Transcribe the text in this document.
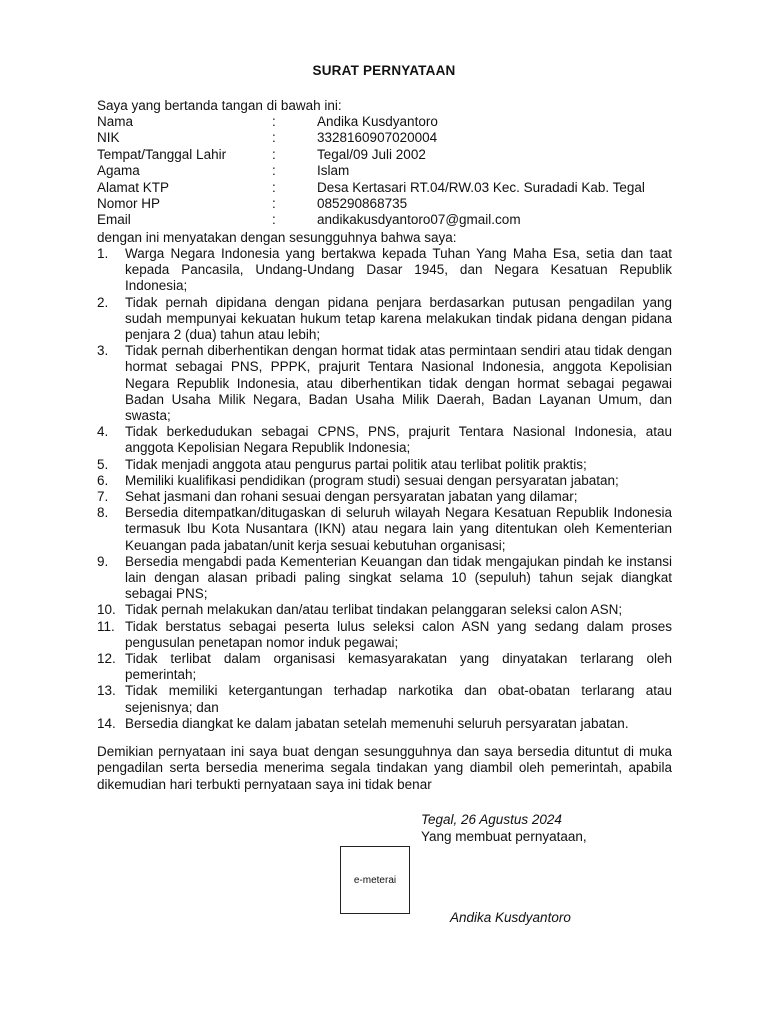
SURAT PERNYATAAN
Saya yang bertanda tangan di bawah ini:
Nama	:	Andika Kusdyantoro
NIK	:	3328160907020004
Tempat/Tanggal Lahir	:	Tegal/09 Juli 2002
Agama	:	Islam
Alamat KTP	:	Desa Kertasari RT.04/RW.03 Kec. Suradadi Kab. Tegal
Nomor HP	:	085290868735
Email	:	andikakusdyantoro07@gmail.com
dengan ini menyatakan dengan sesungguhnya bahwa saya:
1. Warga Negara Indonesia yang bertakwa kepada Tuhan Yang Maha Esa, setia dan taat kepada Pancasila, Undang-Undang Dasar 1945, dan Negara Kesatuan Republik Indonesia;
2. Tidak pernah dipidana dengan pidana penjara berdasarkan putusan pengadilan yang sudah mempunyai kekuatan hukum tetap karena melakukan tindak pidana dengan pidana penjara 2 (dua) tahun atau lebih;
3. Tidak pernah diberhentikan dengan hormat tidak atas permintaan sendiri atau tidak dengan hormat sebagai PNS, PPPK, prajurit Tentara Nasional Indonesia, anggota Kepolisian Negara Republik Indonesia, atau diberhentikan tidak dengan hormat sebagai pegawai Badan Usaha Milik Negara, Badan Usaha Milik Daerah, Badan Layanan Umum, dan swasta;
4. Tidak berkedudukan sebagai CPNS, PNS, prajurit Tentara Nasional Indonesia, atau anggota Kepolisian Negara Republik Indonesia;
5. Tidak menjadi anggota atau pengurus partai politik atau terlibat politik praktis;
6. Memiliki kualifikasi pendidikan (program studi) sesuai dengan persyaratan jabatan;
7. Sehat jasmani dan rohani sesuai dengan persyaratan jabatan yang dilamar;
8. Bersedia ditempatkan/ditugaskan di seluruh wilayah Negara Kesatuan Republik Indonesia termasuk Ibu Kota Nusantara (IKN) atau negara lain yang ditentukan oleh Kementerian Keuangan pada jabatan/unit kerja sesuai kebutuhan organisasi;
9. Bersedia mengabdi pada Kementerian Keuangan dan tidak mengajukan pindah ke instansi lain dengan alasan pribadi paling singkat selama 10 (sepuluh) tahun sejak diangkat sebagai PNS;
10. Tidak pernah melakukan dan/atau terlibat tindakan pelanggaran seleksi calon ASN;
11. Tidak berstatus sebagai peserta lulus seleksi calon ASN yang sedang dalam proses pengusulan penetapan nomor induk pegawai;
12. Tidak terlibat dalam organisasi kemasyarakatan yang dinyatakan terlarang oleh pemerintah;
13. Tidak memiliki ketergantungan terhadap narkotika dan obat-obatan terlarang atau sejenisnya; dan
14. Bersedia diangkat ke dalam jabatan setelah memenuhi seluruh persyaratan jabatan.
Demikian pernyataan ini saya buat dengan sesungguhnya dan saya bersedia dituntut di muka pengadilan serta bersedia menerima segala tindakan yang diambil oleh pemerintah, apabila dikemudian hari terbukti pernyataan saya ini tidak benar
Tegal, 26 Agustus 2024
Yang membuat pernyataan,
e-meterai
Andika Kusdyantoro
